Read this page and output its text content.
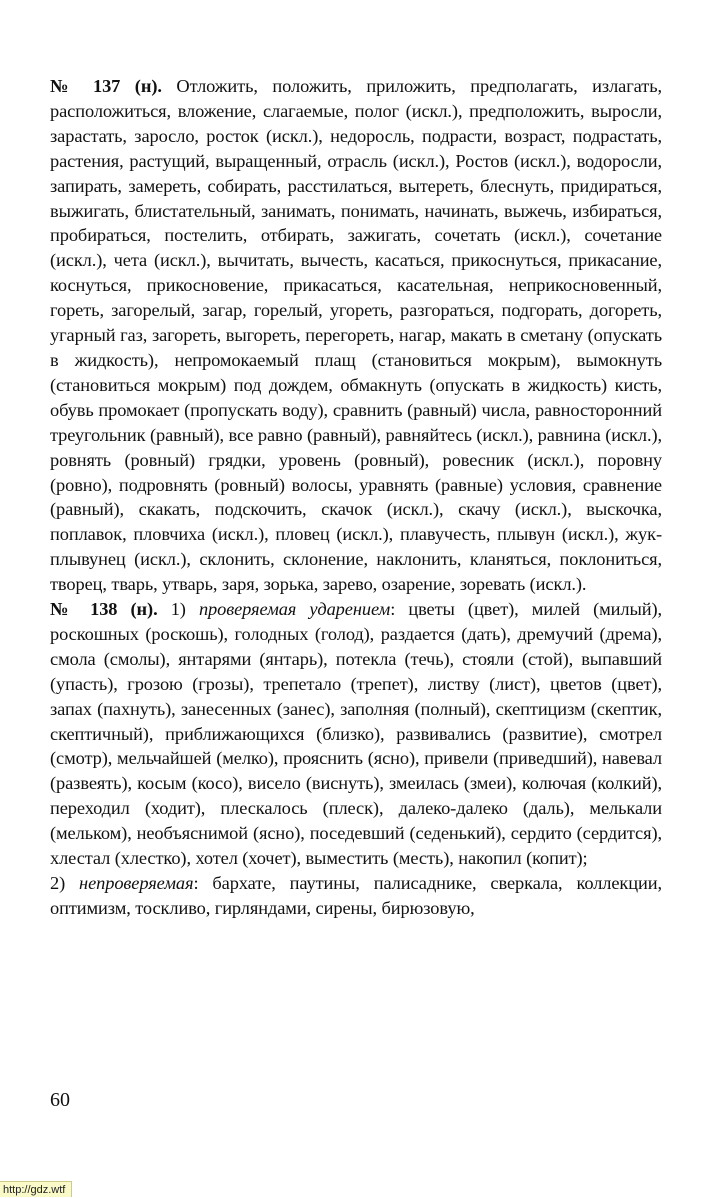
№ 137 (н). Отложить, положить, приложить, предполагать, излагать, расположиться, вложение, слагаемые, полог (искл.), предположить, выросли, зарастать, заросло, росток (искл.), недоросль, подрасти, возраст, подрастать, растения, растущий, выращенный, отрасль (искл.), Ростов (искл.), водоросли, запирать, замереть, собирать, расстилаться, вытереть, блеснуть, придираться, выжигать, блистательный, занимать, понимать, начинать, выжечь, избираться, пробираться, постелить, отбирать, зажигать, сочетать (искл.), сочетание (искл.), чета (искл.), вычитать, вычесть, касаться, прикоснуться, прикасание, коснуться, прикосновение, прикасаться, касательная, неприкосновенный, гореть, загорелый, загар, горелый, угореть, разгораться, подгорать, догореть, угарный газ, загореть, выгореть, перегореть, нагар, макать в сметану (опускать в жидкость), непромокаемый плащ (становиться мокрым), вымокнуть (становиться мокрым) под дождем, обмакнуть (опускать в жидкость) кисть, обувь промокает (пропускать воду), сравнить (равный) числа, равносторонний треугольник (равный), все равно (равный), равняйтесь (искл.), равнина (искл.), ровнять (ровный) грядки, уровень (ровный), ровесник (искл.), поровну (ровно), подровнять (ровный) волосы, уравнять (равные) условия, сравнение (равный), скакать, подскочить, скачок (искл.), скачу (искл.), выскочка, поплавок, пловчиха (искл.), пловец (искл.), плавучесть, плывун (искл.), жук-плывунец (искл.), склонить, склонение, наклонить, кланяться, поклониться, творец, тварь, утварь, заря, зорька, зарево, озарение, зоревать (искл.).

№ 138 (н). 1) проверяемая ударением: цветы (цвет), милей (милый), роскошных (роскошь), голодных (голод), раздается (дать), дремучий (дрема), смола (смолы), янтарями (янтарь), потекла (течь), стояли (стой), выпавший (упасть), грозою (грозы), трепетало (трепет), листву (лист), цветов (цвет), запах (пахнуть), занесенных (занес), заполняя (полный), скептицизм (скептик, скептичный), приближающихся (близко), развивались (развитие), смотрел (смотр), мельчайшей (мелко), прояснить (ясно), привели (приведший), навевал (развеять), косым (косо), висело (виснуть), змеилась (змеи), колючая (колкий), переходил (ходит), плескалось (плеск), далеко-далеко (даль), мелькали (мельком), необъяснимой (ясно), поседевший (седенький), сердито (сердится), хлестал (хлестко), хотел (хочет), выместить (месть), накопил (копит);

2) непроверяемая: бархате, паутины, палисаднике, сверкала, коллекции, оптимизм, тоскливо, гирляндами, сирены, бирюзовую,

60
http://gdz.wtf
